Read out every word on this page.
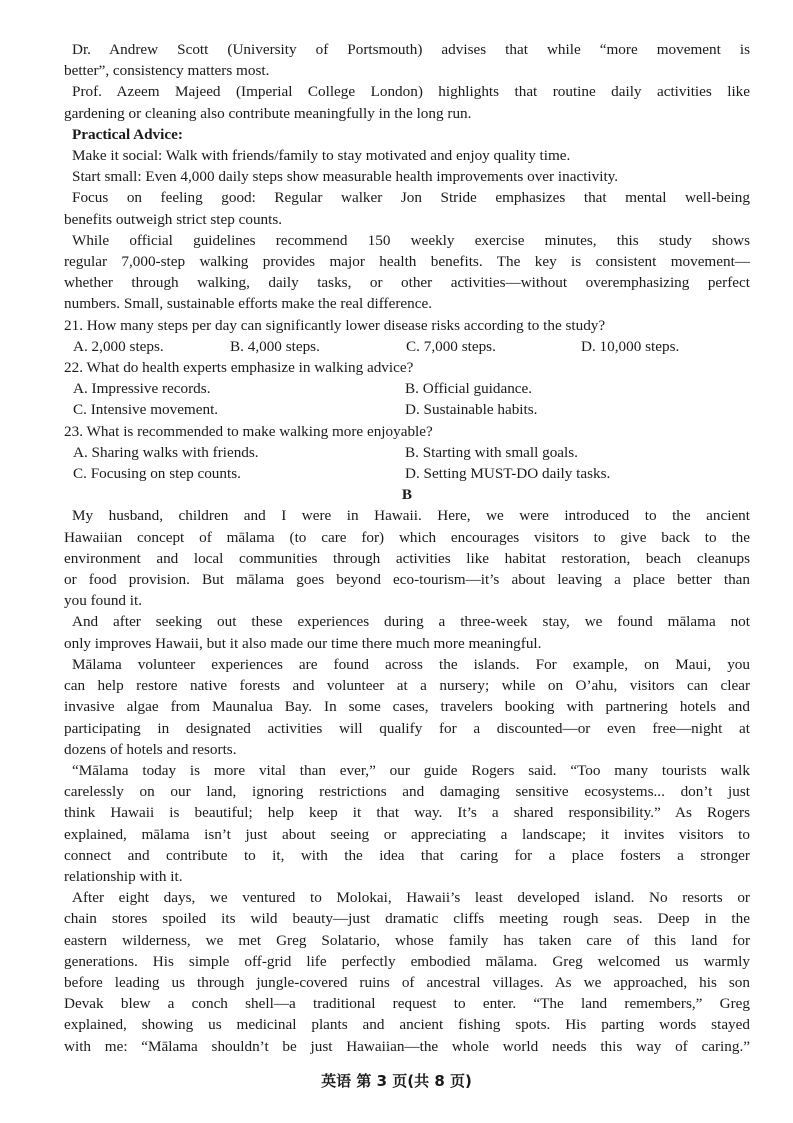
Dr. Andrew Scott (University of Portsmouth) advises that while “more movement is
better”, consistency matters most.
Prof. Azeem Majeed (Imperial College London) highlights that routine daily activities like
gardening or cleaning also contribute meaningfully in the long run.
Practical Advice:
Make it social: Walk with friends/family to stay motivated and enjoy quality time.
Start small: Even 4,000 daily steps show measurable health improvements over inactivity.
Focus on feeling good: Regular walker Jon Stride emphasizes that mental well-being
benefits outweigh strict step counts.
While official guidelines recommend 150 weekly exercise minutes, this study shows
regular 7,000-step walking provides major health benefits. The key is consistent movement—
whether through walking, daily tasks, or other activities—without overemphasizing perfect
numbers. Small, sustainable efforts make the real difference.
21. How many steps per day can significantly lower disease risks according to the study?
A. 2,000 steps.	B. 4,000 steps.	C. 7,000 steps.	D. 10,000 steps.
22. What do health experts emphasize in walking advice?
A. Impressive records.	B. Official guidance.
C. Intensive movement.	D. Sustainable habits.
23. What is recommended to make walking more enjoyable?
A. Sharing walks with friends.	B. Starting with small goals.
C. Focusing on step counts.	D. Setting MUST-DO daily tasks.
B
My husband, children and I were in Hawaii. Here, we were introduced to the ancient
Hawaiian concept of mālama (to care for) which encourages visitors to give back to the
environment and local communities through activities like habitat restoration, beach cleanups
or food provision. But mālama goes beyond eco-tourism—it’s about leaving a place better than
you found it.
And after seeking out these experiences during a three-week stay, we found mālama not
only improves Hawaii, but it also made our time there much more meaningful.
Mālama volunteer experiences are found across the islands. For example, on Maui, you
can help restore native forests and volunteer at a nursery; while on O’ahu, visitors can clear
invasive algae from Maunalua Bay. In some cases, travelers booking with partnering hotels and
participating in designated activities will qualify for a discounted—or even free—night at
dozens of hotels and resorts.
“Mālama today is more vital than ever,” our guide Rogers said. “Too many tourists walk
carelessly on our land, ignoring restrictions and damaging sensitive ecosystems... don’t just
think Hawaii is beautiful; help keep it that way. It’s a shared responsibility.” As Rogers
explained, mālama isn’t just about seeing or appreciating a landscape; it invites visitors to
connect and contribute to it, with the idea that caring for a place fosters a stronger
relationship with it.
After eight days, we ventured to Molokai, Hawaii’s least developed island. No resorts or
chain stores spoiled its wild beauty—just dramatic cliffs meeting rough seas. Deep in the
eastern wilderness, we met Greg Solatario, whose family has taken care of this land for
generations. His simple off-grid life perfectly embodied mālama. Greg welcomed us warmly
before leading us through jungle-covered ruins of ancestral villages. As we approached, his son
Devak blew a conch shell—a traditional request to enter. “The land remembers,” Greg
explained, showing us medicinal plants and ancient fishing spots. His parting words stayed
with me: “Mālama shouldn’t be just Hawaiian—the whole world needs this way of caring.”
英语 第 3 页(共 8 页)
